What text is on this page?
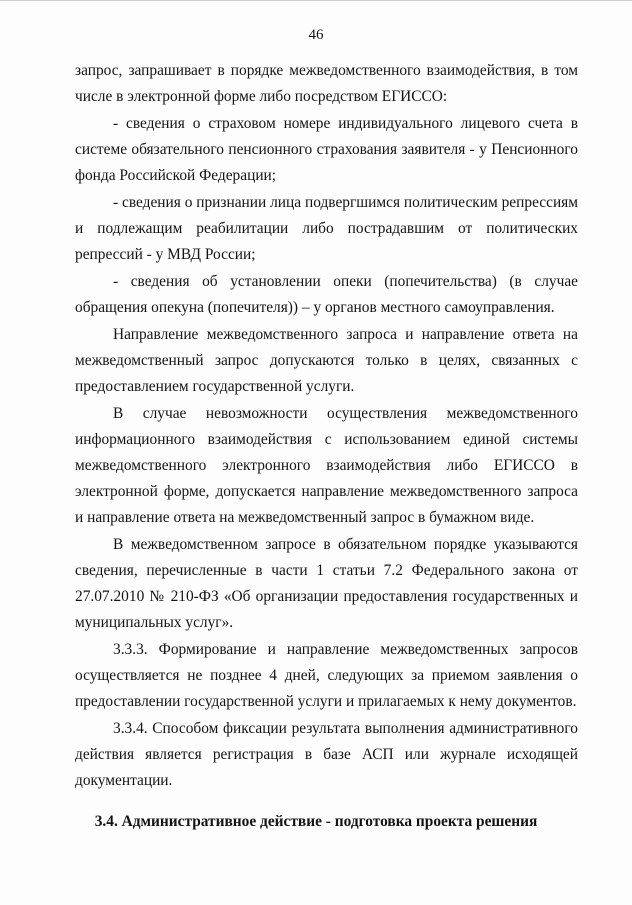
46

запрос, запрашивает в порядке межведомственного взаимодействия, в том числе в электронной форме либо посредством ЕГИССО:

- сведения о страховом номере индивидуального лицевого счета в системе обязательного пенсионного страхования заявителя - у Пенсионного фонда Российской Федерации;

- сведения о признании лица подвергшимся политическим репрессиям и подлежащим реабилитации либо пострадавшим от политических репрессий - у МВД России;

- сведения об установлении опеки (попечительства) (в случае обращения опекуна (попечителя)) – у органов местного самоуправления.

Направление межведомственного запроса и направление ответа на межведомственный запрос допускаются только в целях, связанных с предоставлением государственной услуги.

В случае невозможности осуществления межведомственного информационного взаимодействия с использованием единой системы межведомственного электронного взаимодействия либо ЕГИССО в электронной форме, допускается направление межведомственного запроса и направление ответа на межведомственный запрос в бумажном виде.

В межведомственном запросе в обязательном порядке указываются сведения, перечисленные в части 1 статьи 7.2 Федерального закона от 27.07.2010 № 210-ФЗ «Об организации предоставления государственных и муниципальных услуг».

3.3.3. Формирование и направление межведомственных запросов осуществляется не позднее 4 дней, следующих за приемом заявления о предоставлении государственной услуги и прилагаемых к нему документов.

3.3.4. Способом фиксации результата выполнения административного действия является регистрация в базе АСП или журнале исходящей документации.

3.4. Административное действие - подготовка проекта решения
